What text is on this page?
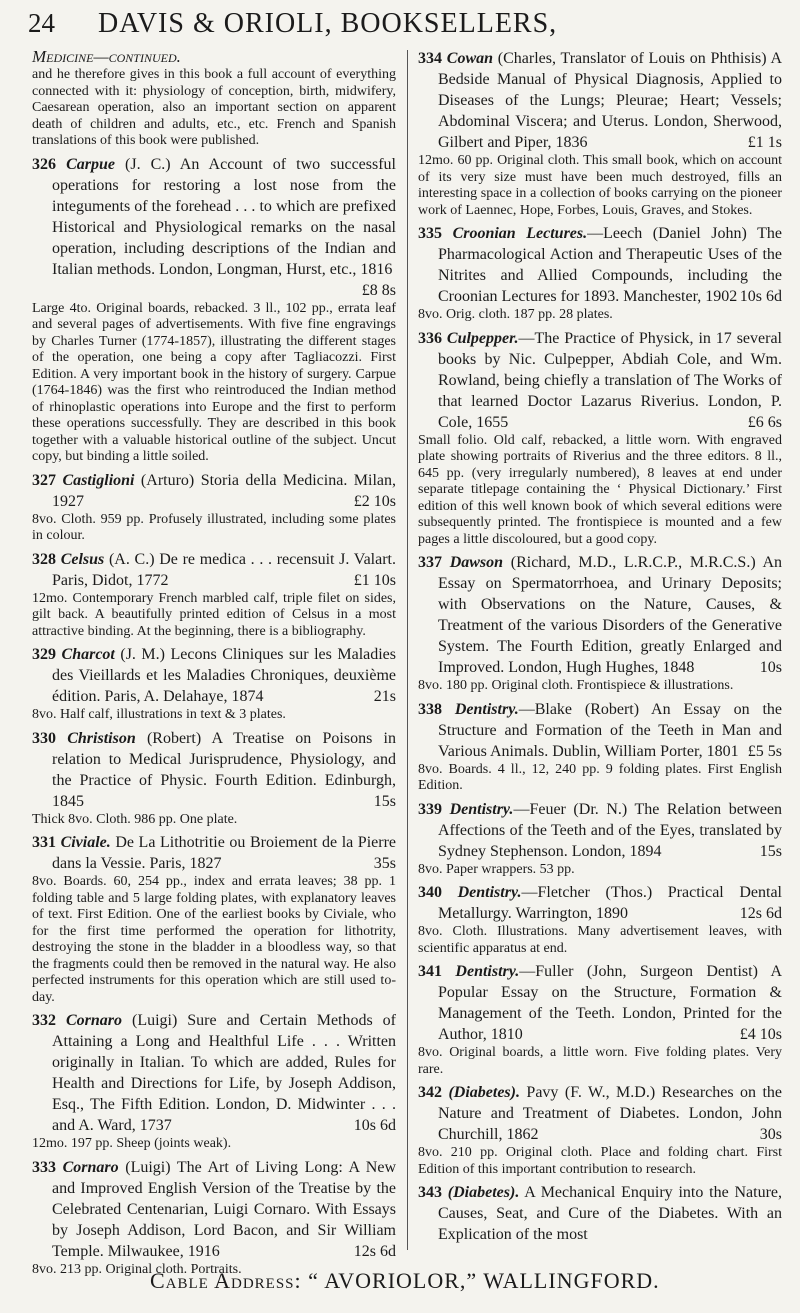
24	DAVIS & ORIOLI, BOOKSELLERS,
Medicine—continued.
and he therefore gives in this book a full account of everything connected with it: physiology of conception, birth, midwifery, Caesarean operation, also an important section on apparent death of children and adults, etc., etc. French and Spanish translations of this book were published.
326 Carpue (J. C.) An Account of two successful operations for restoring a lost nose from the integuments of the forehead . . . to which are prefixed Historical and Physiological remarks on the nasal operation, including descriptions of the Indian and Italian methods. London, Longman, Hurst, etc., 1816
£8 8s
Large 4to. Original boards, rebacked. 3 ll., 102 pp., errata leaf and several pages of advertisements. With five fine engravings by Charles Turner (1774-1857), illustrating the different stages of the operation, one being a copy after Tagliacozzi. First Edition. A very important book in the history of surgery. Carpue (1764-1846) was the first who reintroduced the Indian method of rhinoplastic operations into Europe and the first to perform these operations successfully. They are described in this book together with a valuable historical outline of the subject. Uncut copy, but binding a little soiled.
327 Castiglioni (Arturo) Storia della Medicina. Milan, 1927	£2 10s
8vo. Cloth. 959 pp. Profusely illustrated, including some plates in colour.
328 Celsus (A. C.) De re medica . . . recensuit J. Valart. Paris, Didot, 1772	£1 10s
12mo. Contemporary French marbled calf, triple filet on sides, gilt back. A beautifully printed edition of Celsus in a most attractive binding. At the beginning, there is a bibliography.
329 Charcot (J. M.) Lecons Cliniques sur les Maladies des Vieillards et les Maladies Chroniques, deuxième édition. Paris, A. Delahaye, 1874	21s
8vo. Half calf, illustrations in text & 3 plates.
330 Christison (Robert) A Treatise on Poisons in relation to Medical Jurisprudence, Physiology, and the Practice of Physic. Fourth Edition. Edinburgh, 1845	15s
Thick 8vo. Cloth. 986 pp. One plate.
331 Civiale. De La Lithotritie ou Broiement de la Pierre dans la Vessie. Paris, 1827	35s
8vo. Boards. 60, 254 pp., index and errata leaves; 38 pp. 1 folding table and 5 large folding plates, with explanatory leaves of text. First Edition. One of the earliest books by Civiale, who for the first time performed the operation for lithotrity, destroying the stone in the bladder in a bloodless way, so that the fragments could then be removed in the natural way. He also perfected instruments for this operation which are still used to-day.
332 Cornaro (Luigi) Sure and Certain Methods of Attaining a Long and Healthful Life . . . Written originally in Italian. To which are added, Rules for Health and Directions for Life, by Joseph Addison, Esq., The Fifth Edition. London, D. Midwinter . . . and A. Ward, 1737	10s 6d
12mo. 197 pp. Sheep (joints weak).
333 Cornaro (Luigi) The Art of Living Long: A New and Improved English Version of the Treatise by the Celebrated Centenarian, Luigi Cornaro. With Essays by Joseph Addison, Lord Bacon, and Sir William Temple. Milwaukee, 1916	12s 6d
8vo. 213 pp. Original cloth. Portraits.
334 Cowan (Charles, Translator of Louis on Phthisis) A Bedside Manual of Physical Diagnosis, Applied to Diseases of the Lungs; Pleurae; Heart; Vessels; Abdominal Viscera; and Uterus. London, Sherwood, Gilbert and Piper, 1836	£1 1s
12mo. 60 pp. Original cloth. This small book, which on account of its very size must have been much destroyed, fills an interesting space in a collection of books carrying on the pioneer work of Laennec, Hope, Forbes, Louis, Graves, and Stokes.
335 Croonian Lectures.—Leech (Daniel John) The Pharmacological Action and Therapeutic Uses of the Nitrites and Allied Compounds, including the Croonian Lectures for 1893. Manchester, 1902 10s 6d
8vo. Orig. cloth. 187 pp. 28 plates.
336 Culpepper.—The Practice of Physick, in 17 several books by Nic. Culpepper, Abdiah Cole, and Wm. Rowland, being chiefly a translation of The Works of that learned Doctor Lazarus Riverius. London, P. Cole, 1655	£6 6s
Small folio. Old calf, rebacked, a little worn. With engraved plate showing portraits of Riverius and the three editors. 8 ll., 645 pp. (very irregularly numbered), 8 leaves at end under separate titlepage containing the ‘ Physical Dictionary.’ First edition of this well known book of which several editions were subsequently printed. The frontispiece is mounted and a few pages a little discoloured, but a good copy.
337 Dawson (Richard, M.D., L.R.C.P., M.R.C.S.) An Essay on Spermatorrhoea, and Urinary Deposits; with Observations on the Nature, Causes, & Treatment of the various Disorders of the Generative System. The Fourth Edition, greatly Enlarged and Improved. London, Hugh Hughes, 1848	10s
8vo. 180 pp. Original cloth. Frontispiece & illustrations.
338 Dentistry.—Blake (Robert) An Essay on the Structure and Formation of the Teeth in Man and Various Animals. Dublin, William Porter, 1801 £5 5s
8vo. Boards. 4 ll., 12, 240 pp. 9 folding plates. First English Edition.
339 Dentistry.—Feuer (Dr. N.) The Relation between Affections of the Teeth and of the Eyes, translated by Sydney Stephenson. London, 1894	15s
8vo. Paper wrappers. 53 pp.
340 Dentistry.—Fletcher (Thos.) Practical Dental Metallurgy. Warrington, 1890	12s 6d
8vo. Cloth. Illustrations. Many advertisement leaves, with scientific apparatus at end.
341 Dentistry.—Fuller (John, Surgeon Dentist) A Popular Essay on the Structure, Formation & Management of the Teeth. London, Printed for the Author, 1810	£4 10s
8vo. Original boards, a little worn. Five folding plates. Very rare.
342 (Diabetes). Pavy (F. W., M.D.) Researches on the Nature and Treatment of Diabetes. London, John Churchill, 1862	30s
8vo. 210 pp. Original cloth. Place and folding chart. First Edition of this important contribution to research.
343 (Diabetes). A Mechanical Enquiry into the Nature, Causes, Seat, and Cure of the Diabetes. With an Explication of the most
Cable Address: “ AVORIOLOR,” WALLINGFORD.
